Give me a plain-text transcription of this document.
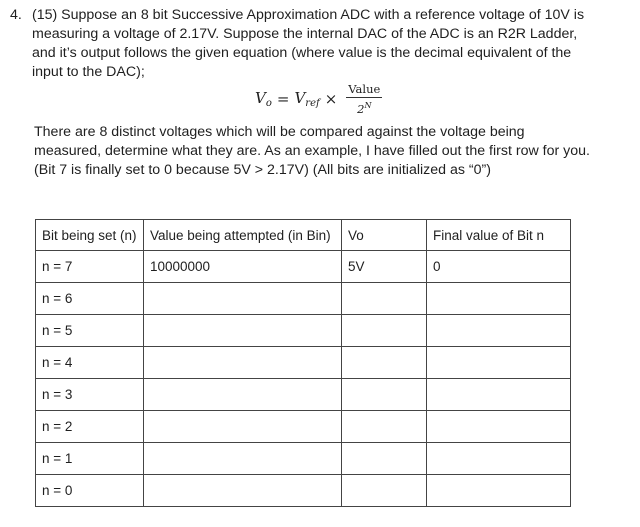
4. (15) Suppose an 8 bit Successive Approximation ADC with a reference voltage of 10V is
measuring a voltage of 2.17V. Suppose the internal DAC of the ADC is an R2R Ladder,
and it’s output follows the given equation (where value is the decimal equivalent of the
input to the DAC);
$V_o = V_{ref} \times \frac{\text{Value}}{2^N}$
There are 8 distinct voltages which will be compared against the voltage being
measured, determine what they are. As an example, I have filled out the first row for you.
(Bit 7 is finally set to 0 because 5V > 2.17V) (All bits are initialized as “0”)
Bit being set (n)	Value being attempted (in Bin)	Vo	Final value of Bit n
n = 7	10000000	5V	0
n = 6			
n = 5			
n = 4			
n = 3			
n = 2			
n = 1			
n = 0			
